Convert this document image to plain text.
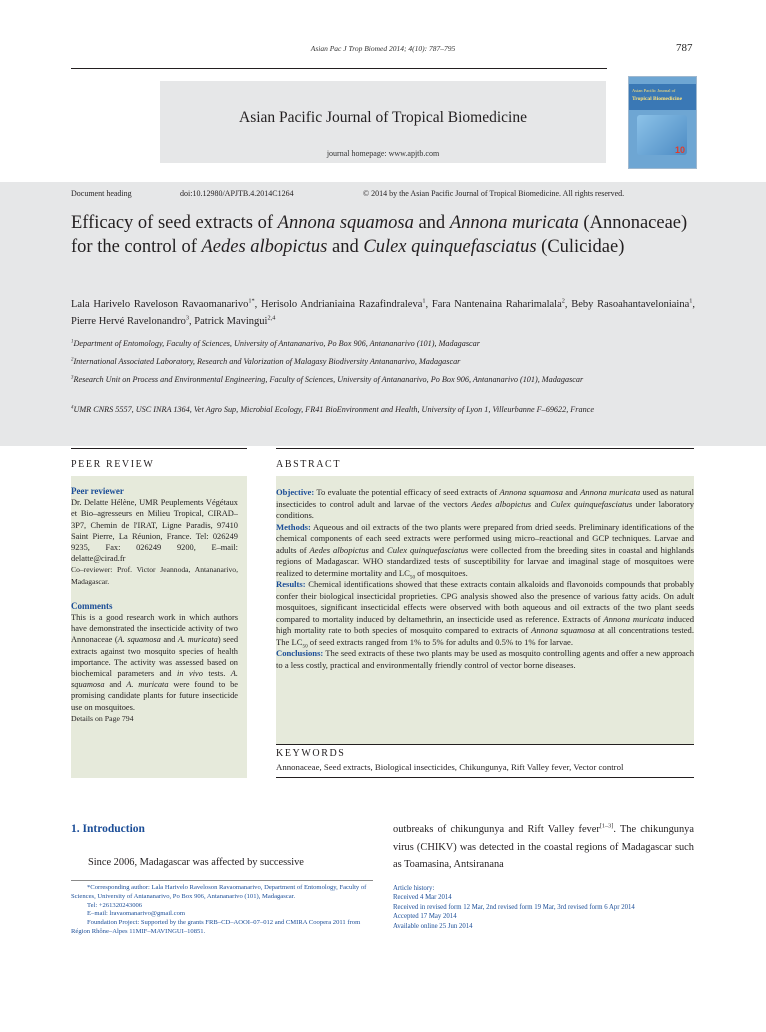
Asian Pac J Trop Biomed 2014; 4(10): 787–795	787
Asian Pacific Journal of Tropical Biomedicine
journal homepage: www.apjtb.com
Asian Pacific Journal of
Tropical Biomedicine
10
Document heading	doi:10.12980/APJTB.4.2014C1264	© 2014 by the Asian Pacific Journal of Tropical Biomedicine. All rights reserved.
Efficacy of seed extracts of Annona squamosa and Annona muricata (Annonaceae) for the control of Aedes albopictus and Culex quinquefasciatus (Culicidae)
Lala Harivelo Raveloson Ravaomanarivo$^{1*}$, Herisolo Andrianiaina Razafindraleva$^1$, Fara Nantenaina Raharimalala$^2$, Beby Rasoahantaveloniaina$^1$, Pierre Hervé Ravelonandro$^3$, Patrick Mavingui$^{2,4}$
$^1$Department of Entomology, Faculty of Sciences, University of Antananarivo, Po Box 906, Antananarivo (101), Madagascar
$^2$International Associated Laboratory, Research and Valorization of Malagasy Biodiversity Antananarivo, Madagascar
$^3$Research Unit on Process and Environmental Engineering, Faculty of Sciences, University of Antananarivo, Po Box 906, Antananarivo (101), Madagascar
$^4$UMR CNRS 5557, USC INRA 1364, Vet Agro Sup, Microbial Ecology, FR41 BioEnvironment and Health, University of Lyon 1, Villeurbanne F–69622, France
PEER REVIEW
Peer reviewer
Dr. Delatte Hélène, UMR Peuplements Végétaux et Bio–agresseurs en Milieu Tropical, CIRAD–3P7, Chemin de l'IRAT, Ligne Paradis, 97410 Saint Pierre, La Réunion, France. Tel: 026249 9235, Fax: 026249 9200, E–mail: delatte@cirad.fr
Co–reviewer: Prof. Victor Jeannoda, Antananarivo, Madagascar.
Comments
This is a good research work in which authors have demonstrated the insecticide activity of two Annonaceae (A. squamosa and A. muricata) seed extracts against two mosquito species of health importance. The activity was assessed based on biochemical parameters and in vivo tests. A. squamosa and A. muricata were found to be promising candidate plants for future insecticide use on mosquitoes.
Details on Page 794
ABSTRACT
Objective: To evaluate the potential efficacy of seed extracts of Annona squamosa and Annona muricata used as natural insecticides to control adult and larvae of the vectors Aedes albopictus and Culex quinquefasciatus under laboratory conditions.
Methods: Aqueous and oil extracts of the two plants were prepared from dried seeds. Preliminary identifications of the chemical components of each seed extracts were performed using micro–reactional and GCP techniques. Larvae and adults of Aedes albopictus and Culex quinquefasciatus were collected from the breeding sites in coastal and highlands regions of Madagascar. WHO standardized tests of susceptibility for larvae and imaginal stage of mosquitoes were realized to determine mortality and $LC_{50}$ of mosquitoes.
Results: Chemical identifications showed that these extracts contain alkaloids and flavonoids compounds that probably confer their biological insecticidal proprieties. CPG analysis showed also the presence of various fatty acids. On adult mosquitoes, significant insecticidal effects were observed with both aqueous and oil extracts of the two plant seeds compared to mortality induced by deltamethrin, an insecticide used as reference. Extracts of Annona muricata induced high mortality rate to both species of mosquito compared to extracts of Annona squamosa at all concentrations tested. The $LC_{50}$ of seed extracts ranged from 1% to 5% for adults and 0.5% to 1% for larvae.
Conclusions: The seed extracts of these two plants may be used as mosquito controlling agents and offer a new approach to a less costly, practical and environmentally friendly control of vector borne diseases.
KEYWORDS
Annonaceae, Seed extracts, Biological insecticides, Chikungunya, Rift Valley fever, Vector control
1. Introduction
Since 2006, Madagascar was affected by successive
outbreaks of chikungunya and Rift Valley fever[1–3]. The chikungunya virus (CHIKV) was detected in the coastal regions of Madagascar such as Toamasina, Antsiranana
*Corresponding author: Lala Harivelo Raveloson Ravaomanarivo, Department of Entomology, Faculty of Sciences, University of Antananarivo, Po Box 906, Antananarivo (101), Madagascar.
Tel: +261320243006
E–mail: lravaomanarivo@gmail.com
Foundation Project: Supported by the grants FRB–CD–AOOI–07–012 and CMIRA Coopera 2011 from Région Rhône–Alpes 11MIF–MAVINGUI–10851.
Article history:
Received 4 Mar 2014
Received in revised form 12 Mar, 2nd revised form 19 Mar, 3rd revised form 6 Apr 2014
Accepted 17 May 2014
Available online 25 Jun 2014
